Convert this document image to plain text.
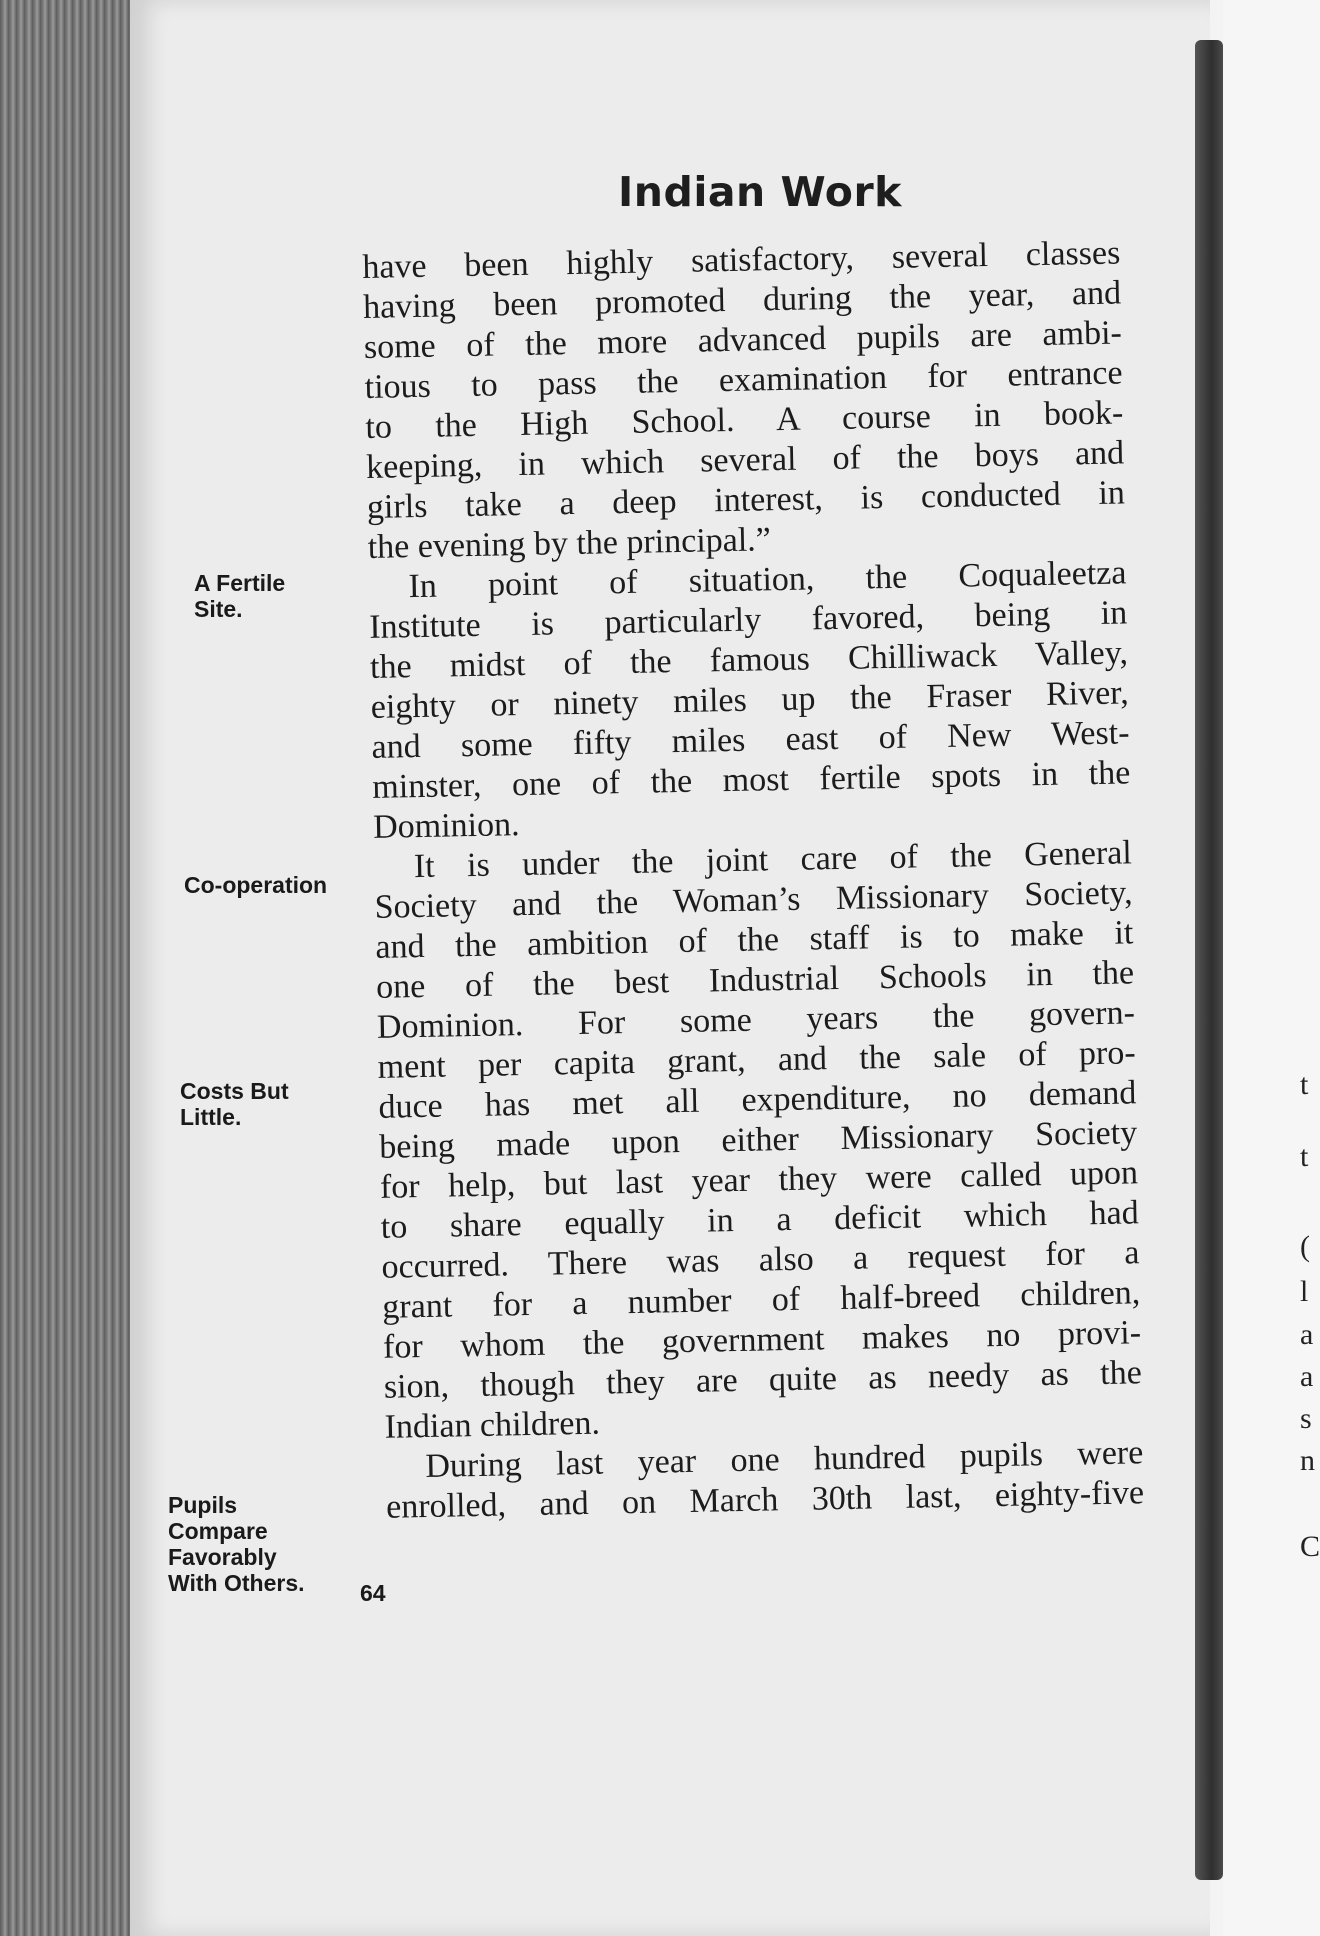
t
t
(
l
a
a
s
n
C
Indian Work
A Fertile
Site.
Co-operation
Costs But
Little.
Pupils
Compare
Favorably
With Others.
have been highly satisfactory, several classes
having been promoted during the year, and
some of the more advanced pupils are ambi-
tious to pass the examination for entrance
to the High School. A course in book-
keeping, in which several of the boys and
girls take a deep interest, is conducted in
the evening by the principal.”
In point of situation, the Coqualeetza
Institute is particularly favored, being in
the midst of the famous Chilliwack Valley,
eighty or ninety miles up the Fraser River,
and some fifty miles east of New West-
minster, one of the most fertile spots in the
Dominion.
It is under the joint care of the General
Society and the Woman’s Missionary Society,
and the ambition of the staff is to make it
one of the best Industrial Schools in the
Dominion. For some years the govern-
ment per capita grant, and the sale of pro-
duce has met all expenditure, no demand
being made upon either Missionary Society
for help, but last year they were called upon
to share equally in a deficit which had
occurred. There was also a request for a
grant for a number of half-breed children,
for whom the government makes no provi-
sion, though they are quite as needy as the
Indian children.
During last year one hundred pupils were
enrolled, and on March 30th last, eighty-five
64
